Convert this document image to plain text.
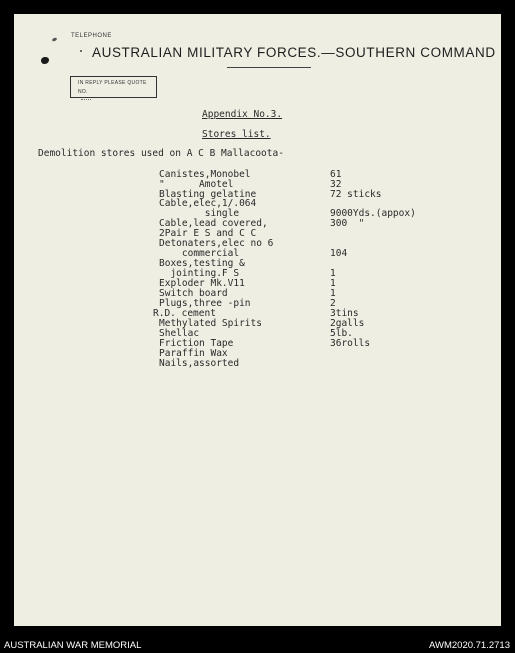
TELEPHONE
AUSTRALIAN MILITARY FORCES.—SOUTHERN COMMAND
IN REPLY PLEASE QUOTE
NO.
Appendix No.3.
Stores list.
Demolition stores used on A C B Mallacoota-
Canistes,Monobel	61
"      Amotel	32
Blasting gelatine	72 sticks
Cable,elec,1/.064
single	9000Yds.(appox)
Cable,lead covered,	300  "
2Pair E S and C C
Detonaters,elec no 6
commercial	104
Boxes,testing &
jointing.F S	1
Exploder Mk.V11	1
Switch board	1
Plugs,three -pin	2
R.D. cement	3tins
Methylated Spirits	2galls
Shellac	5lb.
Friction Tape	36rolls
Paraffin Wax
Nails,assorted
AUSTRALIAN WAR MEMORIAL	AWM2020.71.2713
